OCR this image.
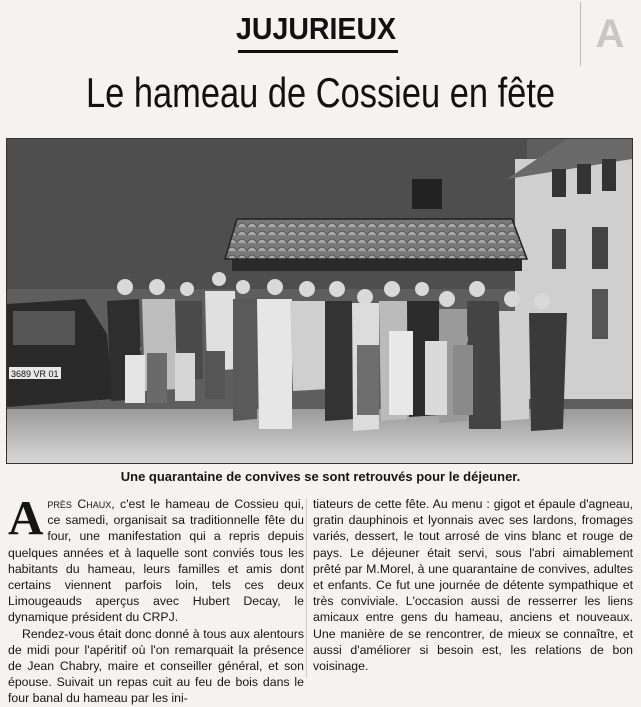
A
JUJURIEUX
Le hameau de Cossieu en fête
3689 VR 01
Une quarantaine de convives se sont retrouvés pour le déjeuner.

Après Chaux, c'est le hameau de Cossieu qui, ce samedi, organisait sa traditionnelle fête du four, une manifestation qui a repris depuis quelques années et à laquelle sont conviés tous les habitants du hameau, leurs familles et amis dont certains viennent parfois loin, tels ces deux Limougeauds aperçus avec Hubert Decay, le dynamique président du CRPJ.

Rendez-vous était donc donné à tous aux alentours de midi pour l'apéritif où l'on remarquait la présence de Jean Chabry, maire et conseiller général, et son épouse. Suivait un repas cuit au feu de bois dans le four banal du hameau par les ini-

tiateurs de cette fête. Au menu : gigot et épaule d'agneau, gratin dauphinois et lyonnais avec ses lardons, fromages variés, dessert, le tout arrosé de vins blanc et rouge de pays. Le déjeuner était servi, sous l'abri aimablement prêté par M.Morel, à une quarantaine de convives, adultes et enfants. Ce fut une journée de détente sympathique et très conviviale. L'occasion aussi de resserrer les liens amicaux entre gens du hameau, anciens et nouveaux. Une manière de se rencontrer, de mieux se connaître, et aussi d'améliorer si besoin est, les relations de bon voisinage.
